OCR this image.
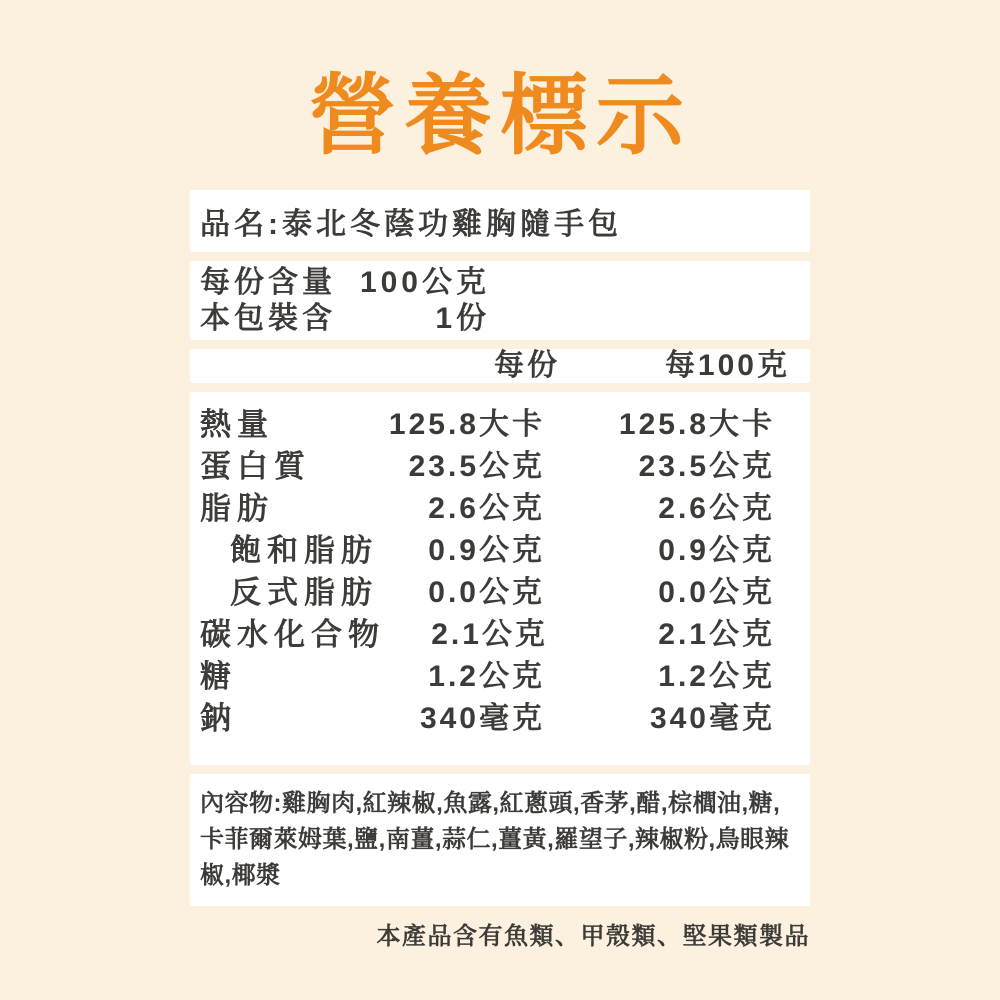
營養標示
品名:泰北冬蔭功雞胸隨手包
每份含量 100公克
本包裝含	1份
每份	每100克
熱量	125.8大卡	125.8大卡
蛋白質	23.5公克	23.5公克
脂肪	2.6公克	2.6公克
飽和脂肪	0.9公克	0.9公克
反式脂肪	0.0公克	0.0公克
碳水化合物	2.1公克	2.1公克
糖	1.2公克	1.2公克
鈉	340毫克	340毫克

內容物:雞胸肉,紅辣椒,魚露,紅蔥頭,香茅,醋,棕櫚油,糖,卡菲爾萊姆葉,鹽,南薑,蒜仁,薑黃,羅望子,辣椒粉,鳥眼辣椒,椰漿

本產品含有魚類、甲殼類、堅果類製品
